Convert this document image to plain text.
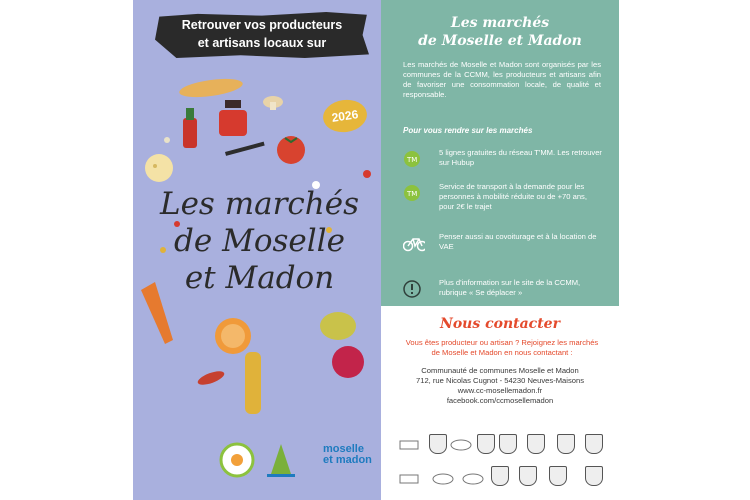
Retrouver vos producteurs
et artisans locaux sur
2026
Les marchés
de Moselle
et Madon
moselle
et madon
Les marchés
de Moselle et Madon
Les marchés de Moselle et Madon sont organisés par les communes de la CCMM, les producteurs et artisans afin de favoriser une consommation locale, de qualité et responsable.
Pour vous rendre sur les marchés
TM
5 lignes gratuites du réseau T'MM. Les retrouver sur Hubup
TM
Service de transport à la demande pour les personnes à mobilité réduite ou de +70 ans, pour 2€ le trajet
Penser aussi au covoiturage et à la location de VAE
Plus d'information sur le site de la CCMM, rubrique « Se déplacer »
Nous contacter
Vous êtes producteur ou artisan ? Rejoignez les marchés de Moselle et Madon en nous contactant :
Communauté de communes Moselle et Madon
712, rue Nicolas Cugnot - 54230 Neuves-Maisons
www.cc-mosellemadon.fr
facebook.com/ccmosellemadon
